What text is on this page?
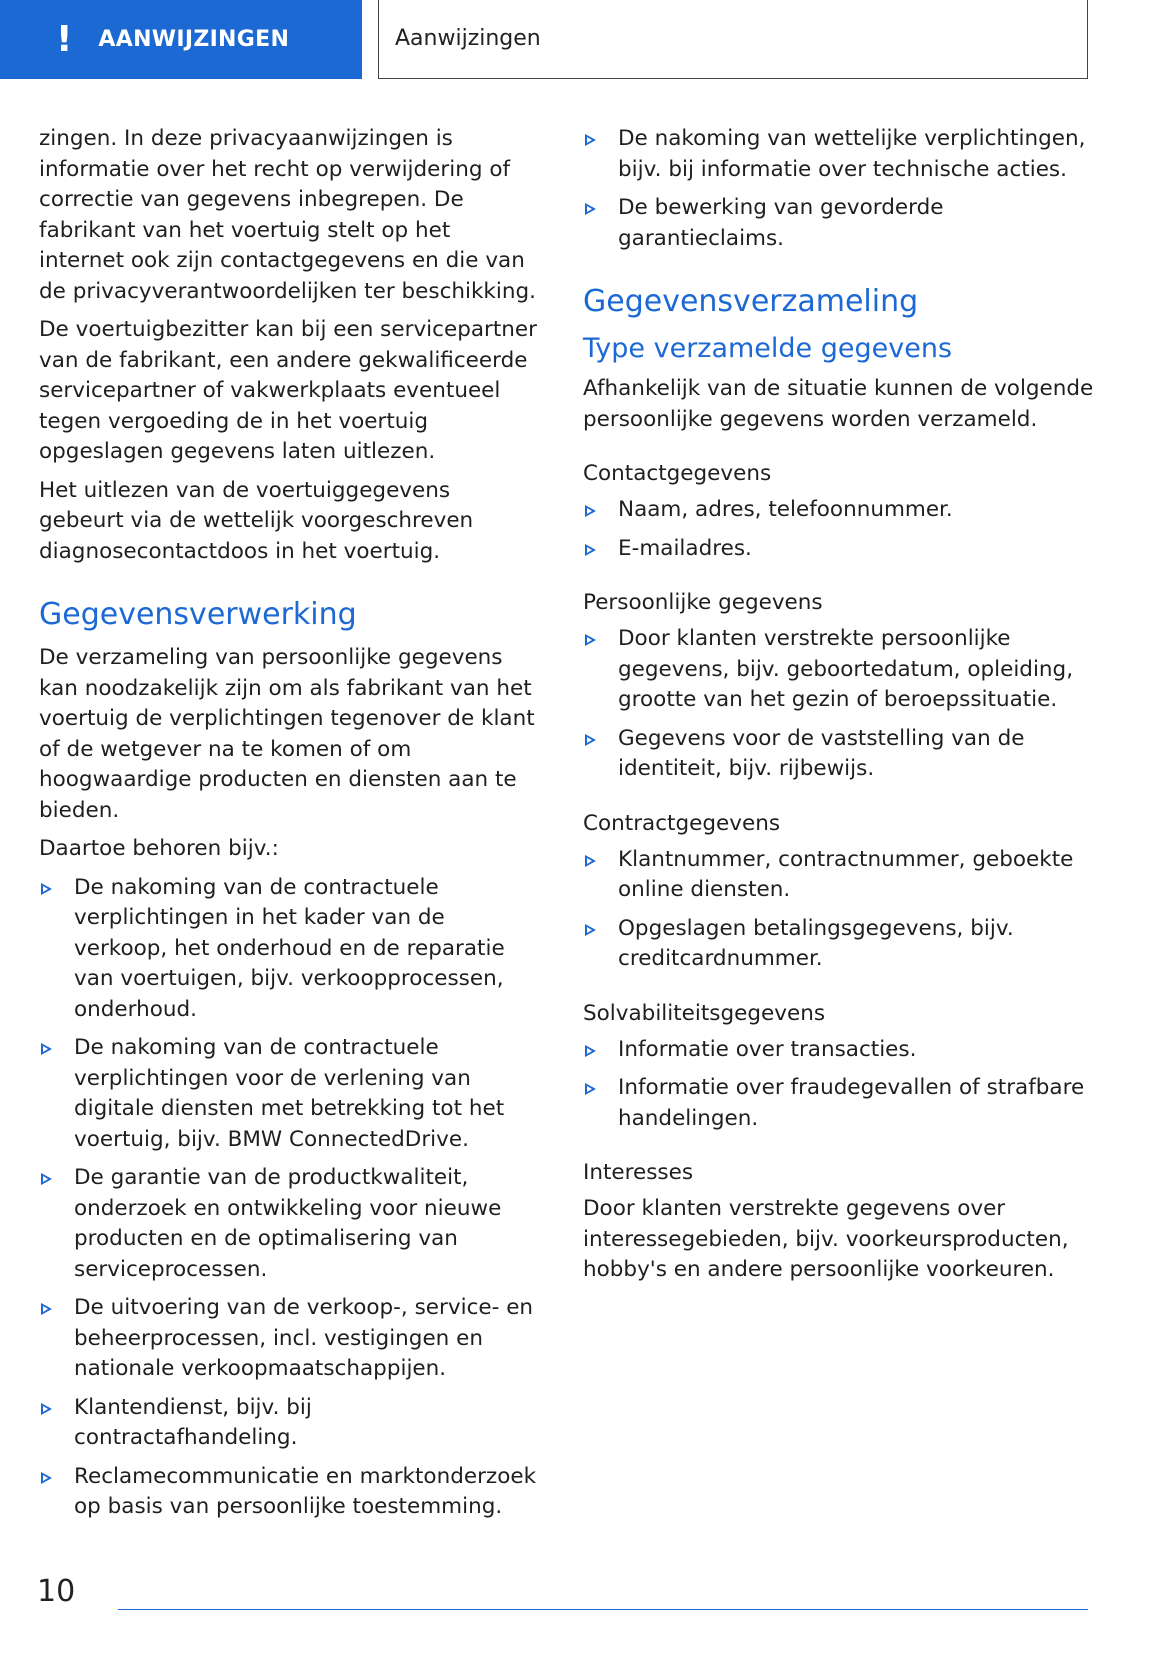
! AANWIJZINGEN	Aanwijzingen

zingen. In deze privacyaanwijzingen is informatie over het recht op verwijdering of correctie van gegevens inbegrepen. De fabrikant van het voertuig stelt op het internet ook zijn contactgegevens en die van de privacyverantwoordelijken ter beschikking.

De voertuigbezitter kan bij een servicepartner van de fabrikant, een andere gekwalificeerde servicepartner of vakwerkplaats eventueel tegen vergoeding de in het voertuig opgeslagen gegevens laten uitlezen.

Het uitlezen van de voertuiggegevens gebeurt via de wettelijk voorgeschreven diagnosecontactdoos in het voertuig.

Gegevensverwerking

De verzameling van persoonlijke gegevens kan noodzakelijk zijn om als fabrikant van het voertuig de verplichtingen tegenover de klant of de wetgever na te komen of om hoogwaardige producten en diensten aan te bieden.

Daartoe behoren bijv.:

De nakoming van de contractuele verplichtingen in het kader van de verkoop, het onderhoud en de reparatie van voertuigen, bijv. verkoopprocessen, onderhoud.
De nakoming van de contractuele verplichtingen voor de verlening van digitale diensten met betrekking tot het voertuig, bijv. BMW ConnectedDrive.
De garantie van de productkwaliteit, onderzoek en ontwikkeling voor nieuwe producten en de optimalisering van serviceprocessen.
De uitvoering van de verkoop-, service- en beheerprocessen, incl. vestigingen en nationale verkoopmaatschappijen.
Klantendienst, bijv. bij contractafhandeling.
Reclamecommunicatie en marktonderzoek op basis van persoonlijke toestemming.
De nakoming van wettelijke verplichtingen, bijv. bij informatie over technische acties.
De bewerking van gevorderde garantieclaims.
Gegevensverzameling
Type verzamelde gegevens

Afhankelijk van de situatie kunnen de volgende persoonlijke gegevens worden verzameld.

Contactgegevens
Naam, adres, telefoonnummer.
E-mailadres.
Persoonlijke gegevens
Door klanten verstrekte persoonlijke gegevens, bijv. geboortedatum, opleiding, grootte van het gezin of beroepssituatie.
Gegevens voor de vaststelling van de identiteit, bijv. rijbewijs.
Contractgegevens
Klantnummer, contractnummer, geboekte online diensten.
Opgeslagen betalingsgegevens, bijv. creditcardnummer.
Solvabiliteitsgegevens
Informatie over transacties.
Informatie over fraudegevallen of strafbare handelingen.
Interesses

Door klanten verstrekte gegevens over interessegebieden, bijv. voorkeursproducten, hobby's en andere persoonlijke voorkeuren.

10
